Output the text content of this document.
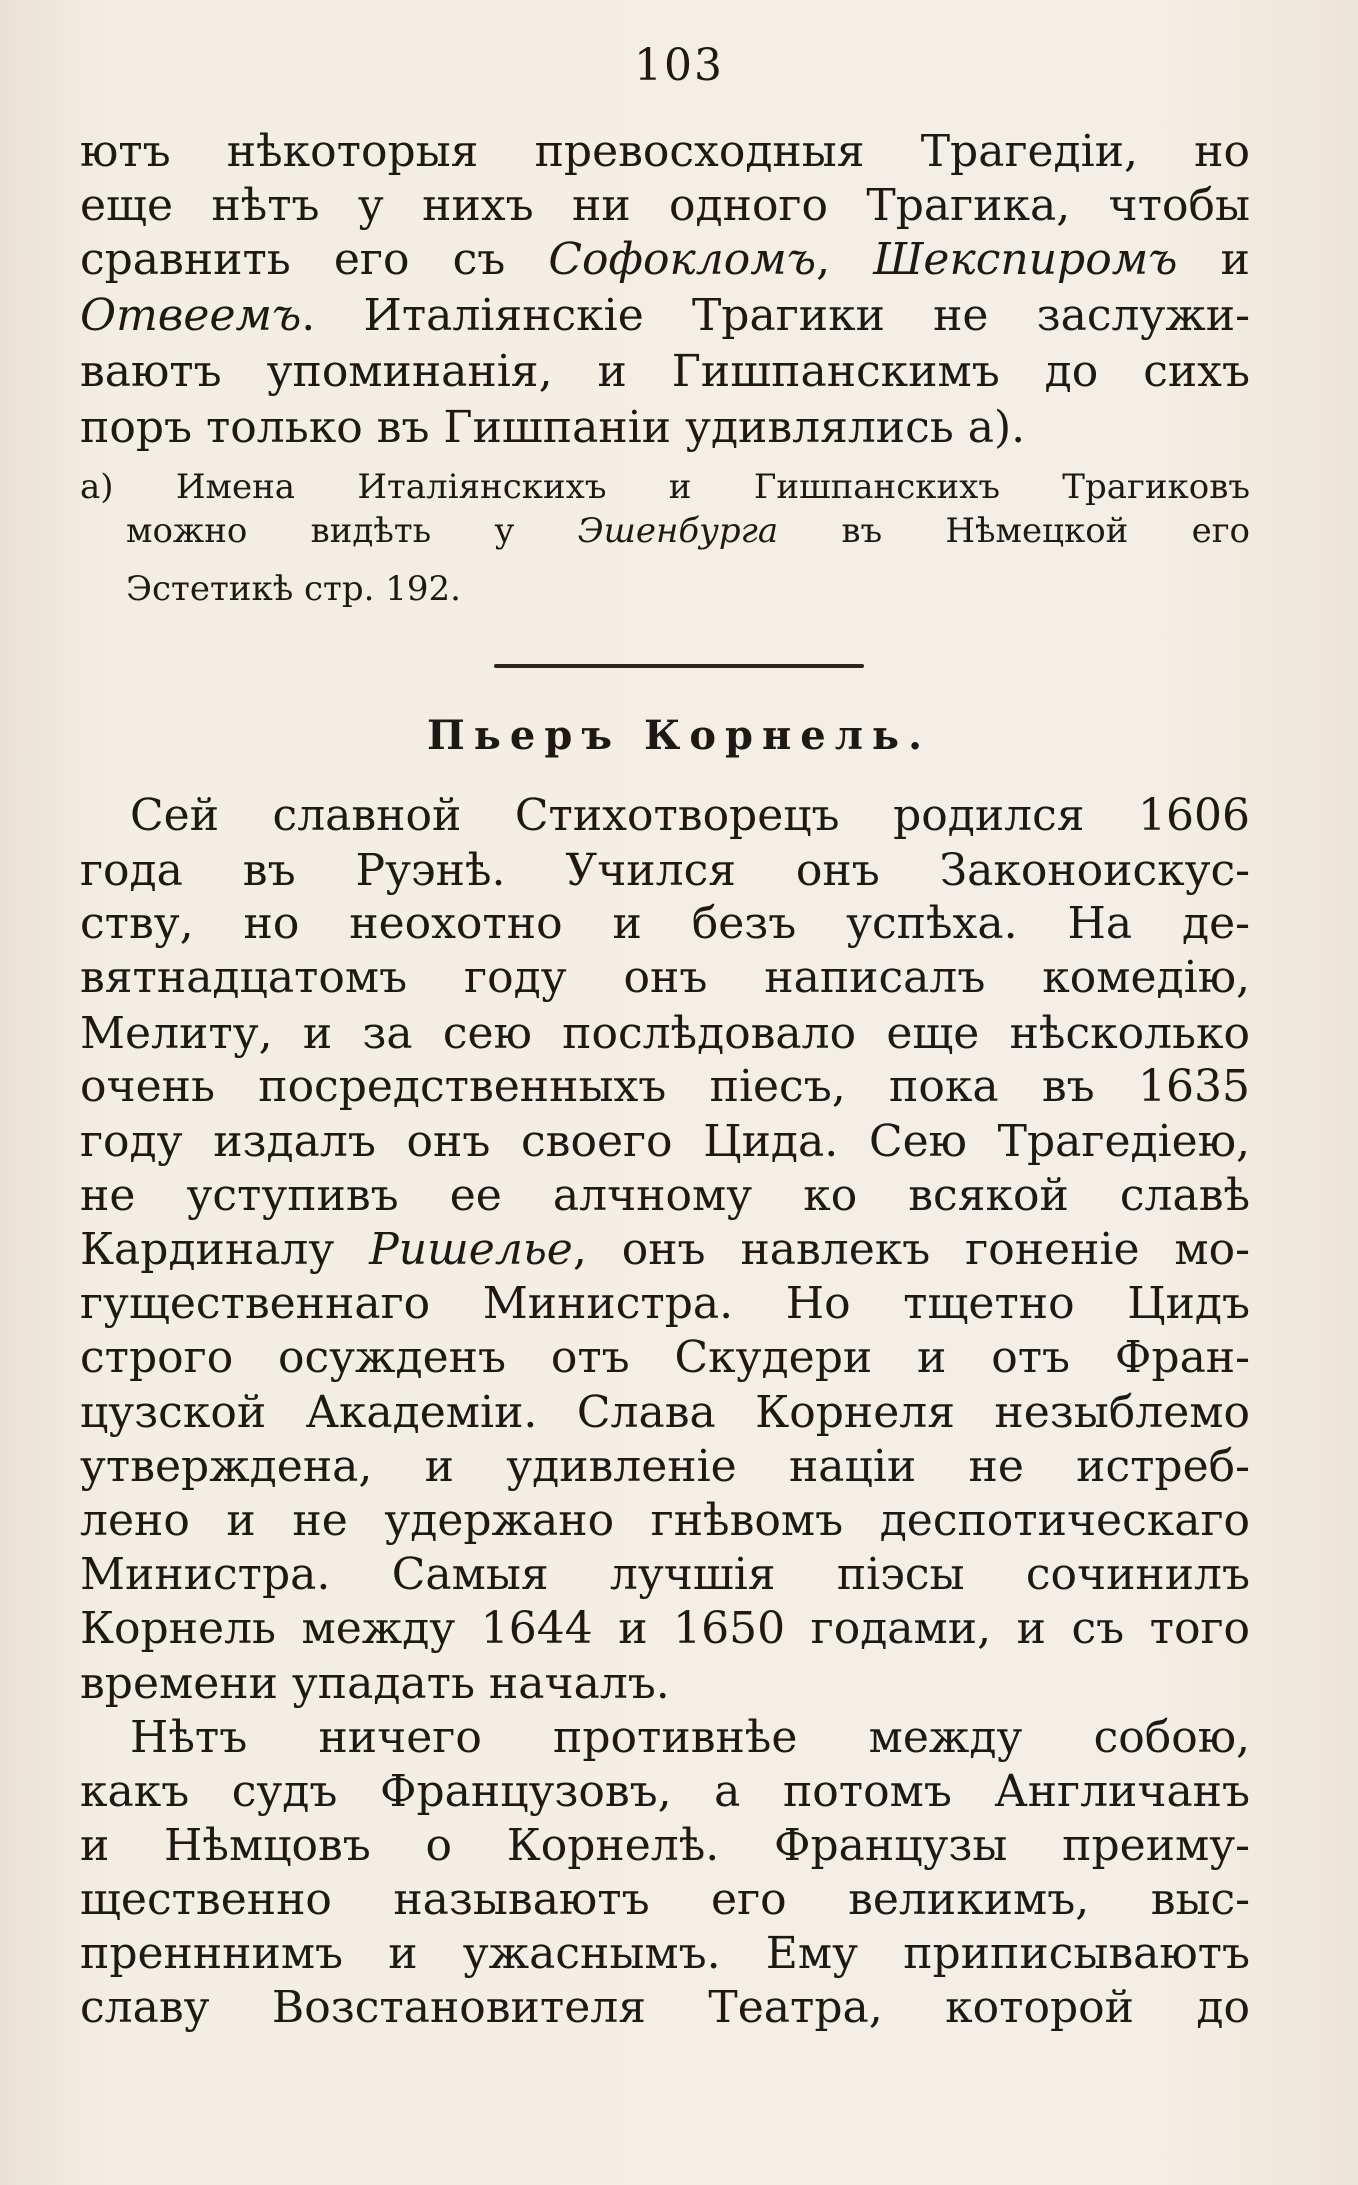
103
ютъ нѣкоторыя превосходныя Трагедіи, но
еще нѣтъ у нихъ ни одного Трагика, чтобы
сравнить его съ Софокломъ, Шекспиромъ и
Отвеемъ. Италіянскіе Трагики не заслужи-
ваютъ упоминанія, и Гишпанскимъ до сихъ
поръ только въ Гишпаніи удивлялись а).
а) Имена Италіянскихъ и Гишпанскихъ Трагиковъ
можно видѣть у Эшенбурга въ Нѣмецкой его
Эстетикѣ стр. 192.
Пьеръ Корнель.
Сей славной Стихотворецъ родился 1606
года въ Руэнѣ. Учился онъ Законоискус-
ству, но неохотно и безъ успѣха. На де-
вятнадцатомъ году онъ написалъ комедію,
Мелиту, и за сею послѣдовало еще нѣсколько
очень посредственныхъ піесъ, пока въ 1635
году издалъ онъ своего Цида. Сею Трагедіею,
не уступивъ ее алчному ко всякой славѣ
Кардиналу Ришелье, онъ навлекъ гоненіе мо-
гущественнаго Министра. Но тщетно Цидъ
строго осужденъ отъ Скудери и отъ Фран-
цузской Академіи. Слава Корнеля незыблемо
утверждена, и удивленіе націи не истреб-
лено и не удержано гнѣвомъ деспотическаго
Министра. Самыя лучшія піэсы сочинилъ
Корнель между 1644 и 1650 годами, и съ того
времени упадать началъ.
Нѣтъ ничего противнѣе между собою,
какъ судъ Французовъ, а потомъ Англичанъ
и Нѣмцовъ о Корнелѣ. Французы преиму-
щественно называютъ его великимъ, выс-
пренннимъ и ужаснымъ. Ему приписываютъ
славу Возстановителя Театра, которой до
